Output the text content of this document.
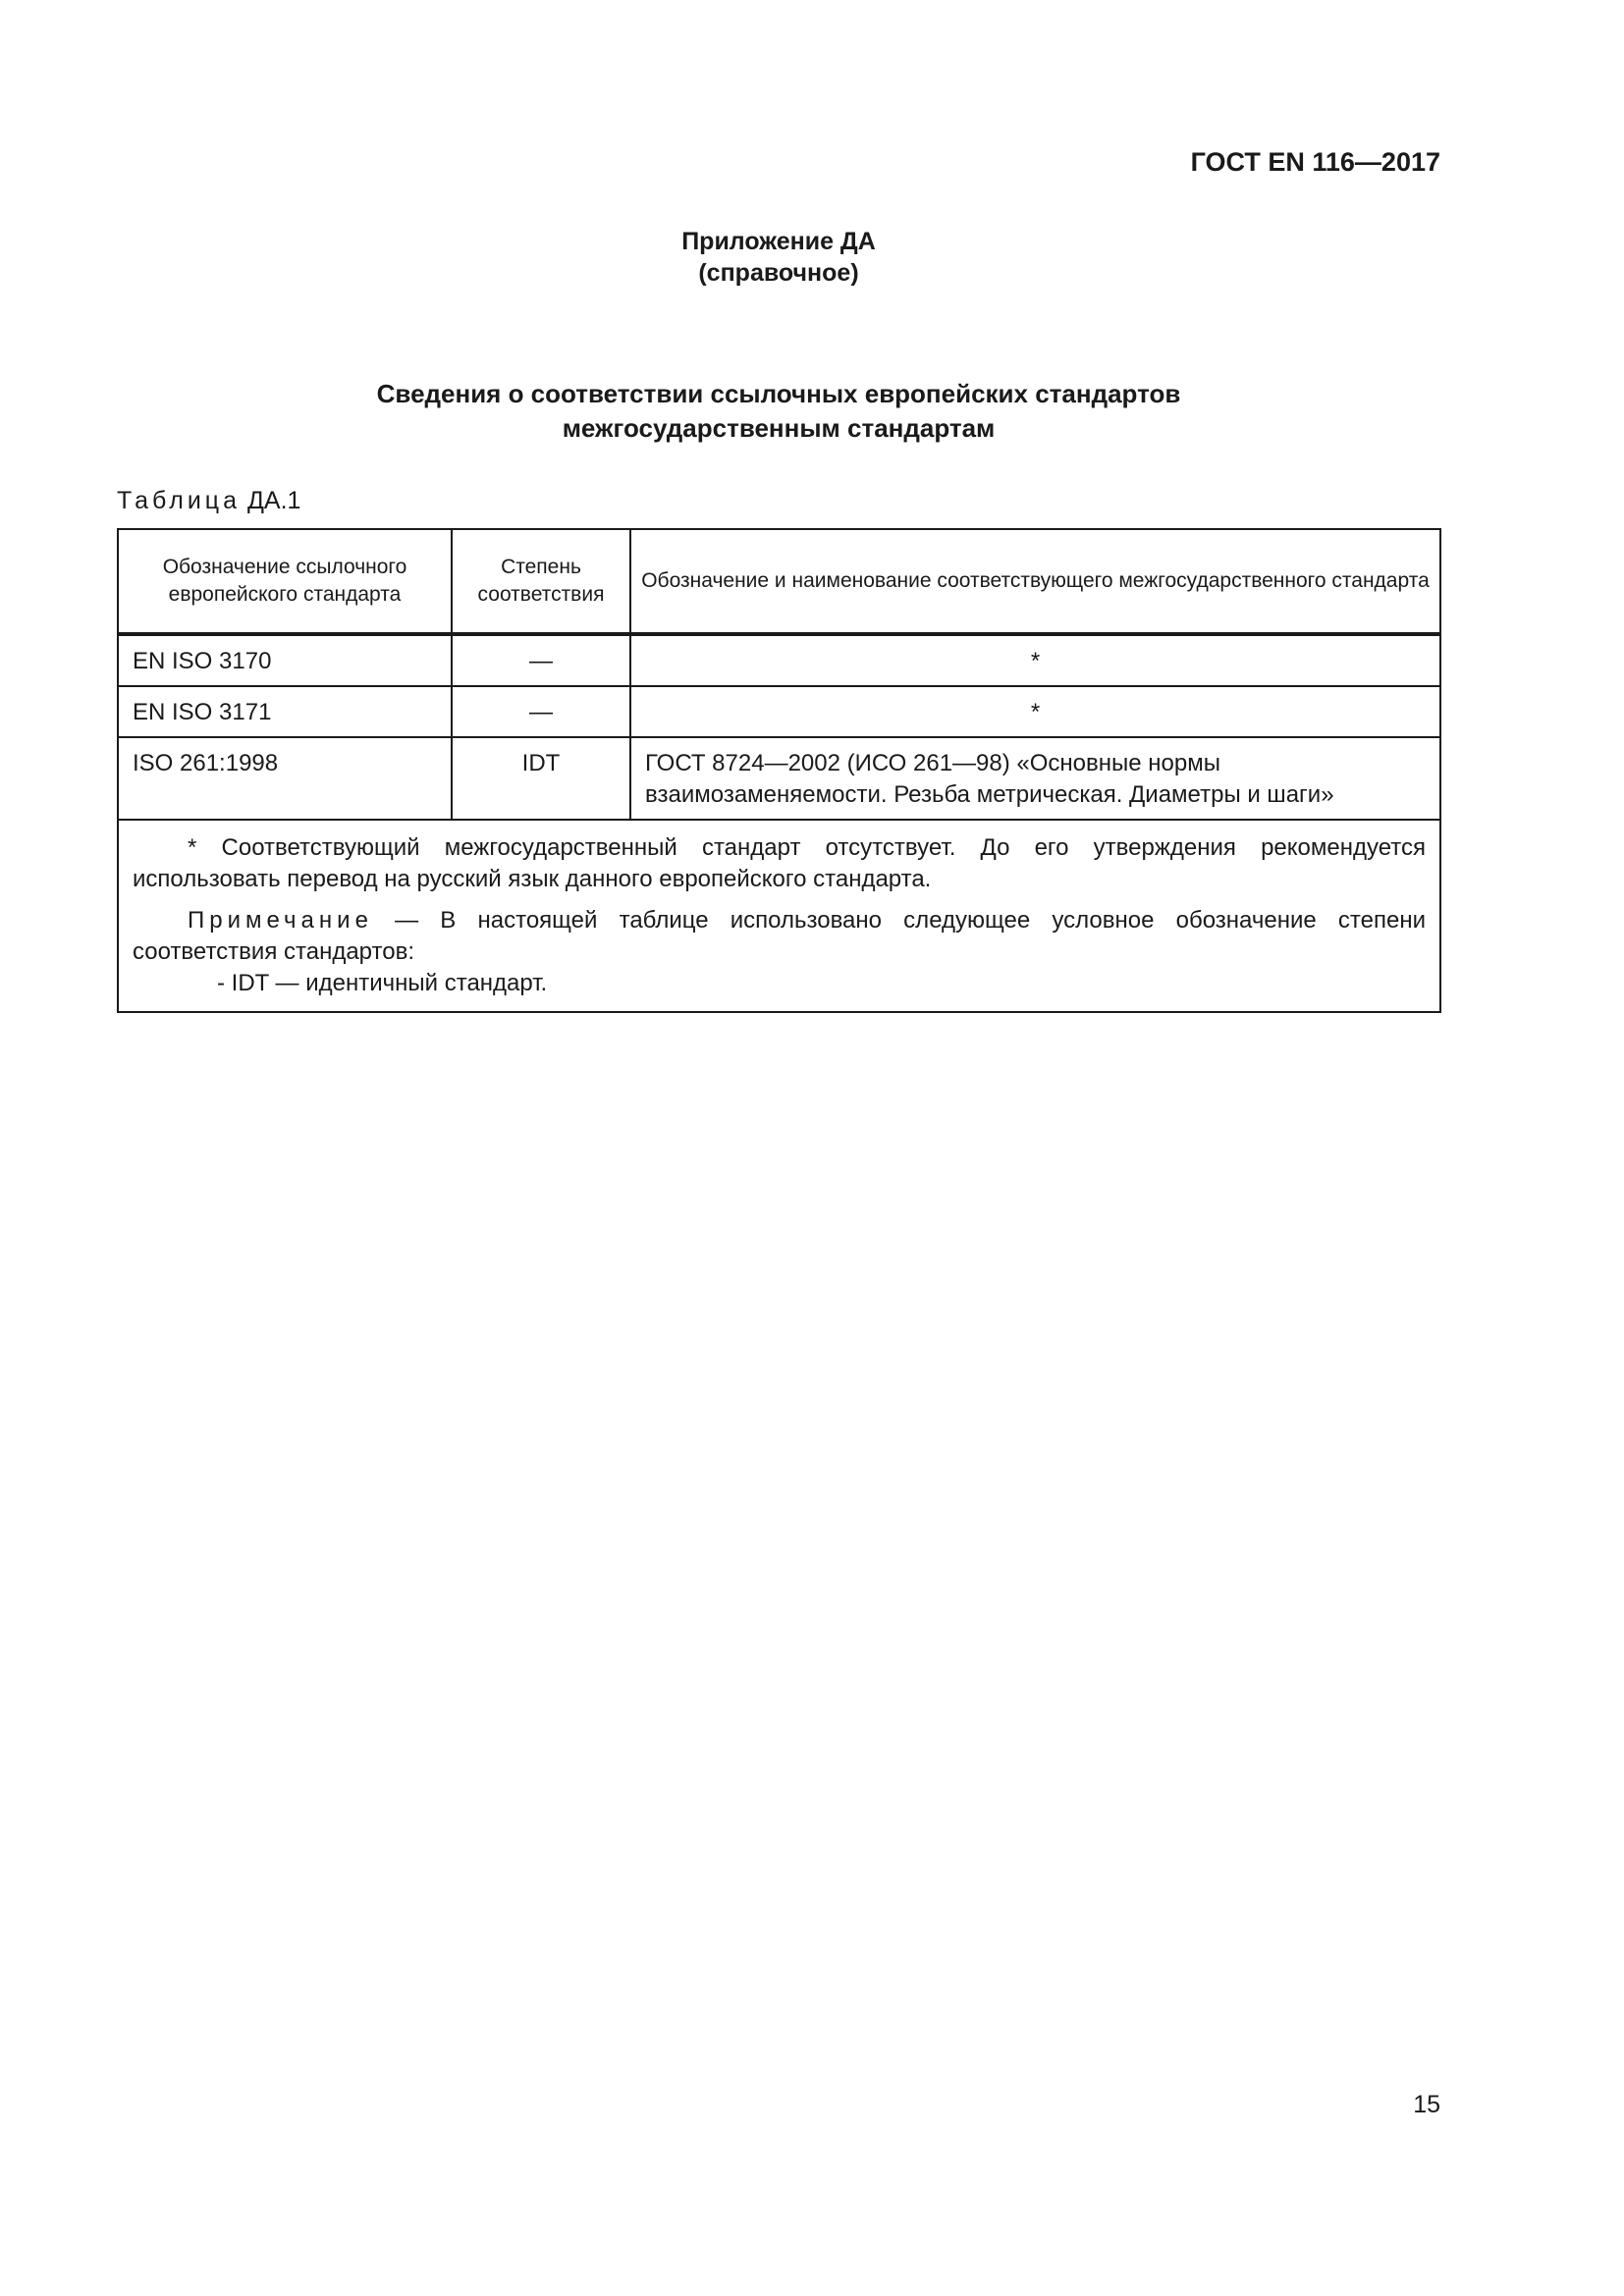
ГОСТ EN 116—2017
Приложение ДА
(справочное)
Сведения о соответствии ссылочных европейских стандартов
межгосударственным стандартам
Таблица ДА.1
Обозначение ссылочного европейского стандарта	Степень соответствия	Обозначение и наименование соответствующего межгосударственного стандарта
EN ISO 3170	—	*
EN ISO 3171	—	*
ISO 261:1998	IDT	ГОСТ 8724—2002 (ИСО 261—98) «Основные нормы взаимозаменяемости. Резьба метрическая. Диаметры и шаги»

* Соответствующий межгосударственный стандарт отсутствует. До его утверждения рекомендуется использовать перевод на русский язык данного европейского стандарта.

Примечание — В настоящей таблице использовано следующее условное обозначение степени соответствия стандартов:

- IDT — идентичный стандарт.		

15
